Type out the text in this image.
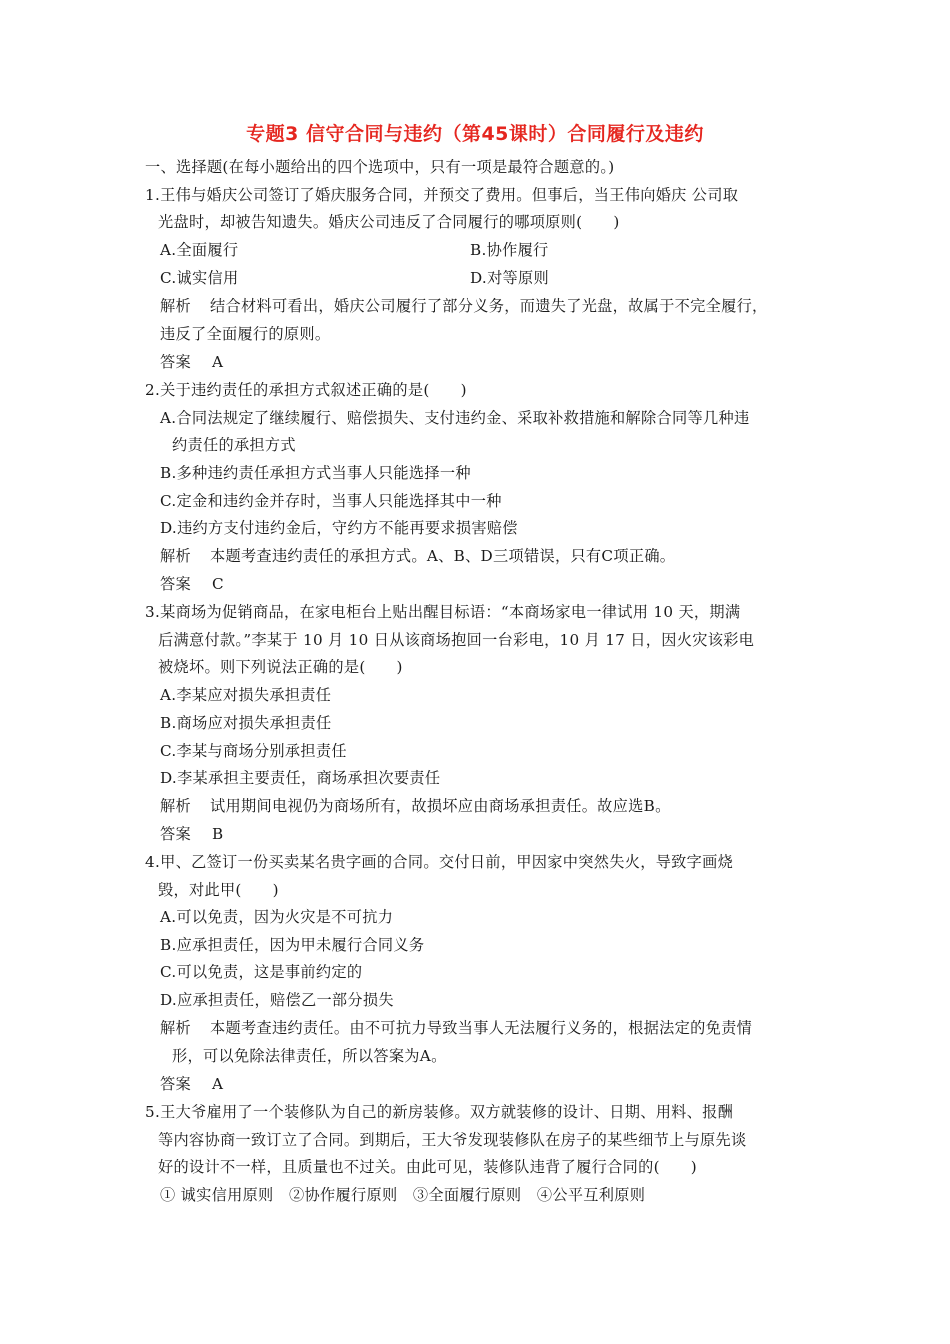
专题3 信守合同与违约（第45课时）合同履行及违约
一、选择题(在每小题给出的四个选项中，只有一项是最符合题意的。)
1.王伟与婚庆公司签订了婚庆服务合同，并预交了费用。但事后，当王伟向婚庆 公司取
光盘时，却被告知遗失。婚庆公司违反了合同履行的哪项原则(　　)
A.全面履行	B.协作履行
C.诚实信用	D.对等原则
解析 结合材料可看出，婚庆公司履行了部分义务，而遗失了光盘，故属于不完全履行，
违反了全面履行的原则。
答案 A
2.关于违约责任的承担方式叙述正确的是(　　)
A.合同法规定了继续履行、赔偿损失、支付违约金、采取补救措施和解除合同等几种违
约责任的承担方式
B.多种违约责任承担方式当事人只能选择一种
C.定金和违约金并存时，当事人只能选择其中一种
D.违约方支付违约金后，守约方不能再要求损害赔偿
解析 本题考查违约责任的承担方式。A、B、D三项错误，只有C项正确。
答案 C
3.某商场为促销商品，在家电柜台上贴出醒目标语：“本商场家电一律试用 10 天，期满
后满意付款。”李某于 10 月 10 日从该商场抱回一台彩电，10 月 17 日，因火灾该彩电
被烧坏。则下列说法正确的是(　　)
A.李某应对损失承担责任
B.商场应对损失承担责任
C.李某与商场分别承担责任
D.李某承担主要责任，商场承担次要责任
解析 试用期间电视仍为商场所有，故损坏应由商场承担责任。故应选B。
答案 B
4.甲、乙签订一份买卖某名贵字画的合同。交付日前，甲因家中突然失火，导致字画烧
毁，对此甲(　　)
A.可以免责，因为火灾是不可抗力
B.应承担责任，因为甲未履行合同义务
C.可以免责，这是事前约定的
D.应承担责任，赔偿乙一部分损失
解析 本题考查违约责任。由不可抗力导致当事人无法履行义务的，根据法定的免责情
形，可以免除法律责任，所以答案为A。
答案 A
5.王大爷雇用了一个装修队为自己的新房装修。双方就装修的设计、日期、用料、报酬
等内容协商一致订立了合同。到期后，王大爷发现装修队在房子的某些细节上与原先谈
好的设计不一样，且质量也不过关。由此可见，装修队违背了履行合同的(　　)
① 诚实信用原则　②协作履行原则　③全面履行原则　④公平互利原则
